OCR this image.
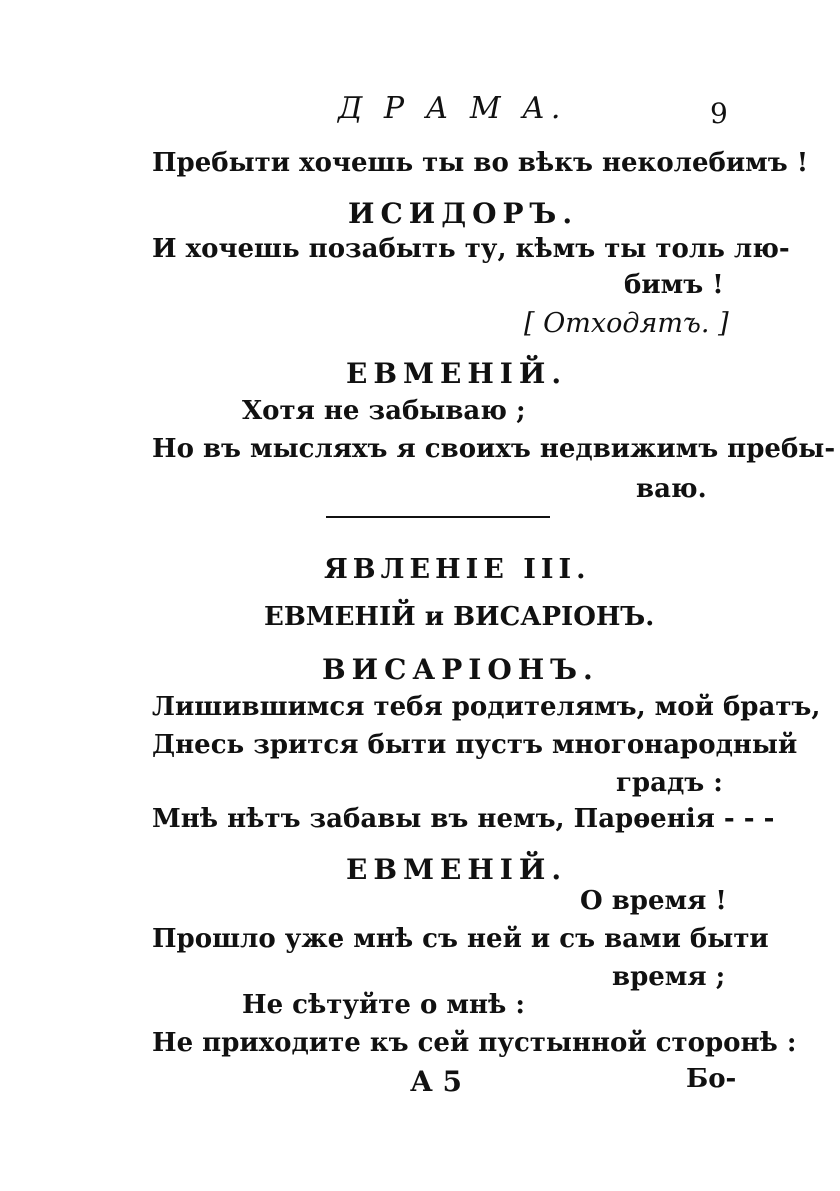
Д Р А М А.	9
Пребыти хочешь ты во вѣкъ неколебимъ !
ИСИДОРЪ.
И хочешь позабыть ту, кѣмъ ты толь лю-
бимъ !
[ Отходятъ. ]
ЕВМЕНІЙ.
Хотя не забываю ;
Но въ мысляхъ я своихъ недвижимъ пребы-
ваю.
ЯВЛЕНІЕ III.
ЕВМЕНІЙ и ВИСАРІОНЪ.
ВИСАРІОНЪ.
Лишившимся тебя родителямъ, мой братъ,
Днесь зрится быти пустъ многонародный
градъ :
Мнѣ нѣтъ забавы въ немъ, Парѳенія - - -
ЕВМЕНІЙ.
О время !
Прошло уже мнѣ съ ней и съ вами быти
время ;
Не сѣтуйте о мнѣ :
Не приходите къ сей пустынной сторонѣ :
А 5	Бо-
